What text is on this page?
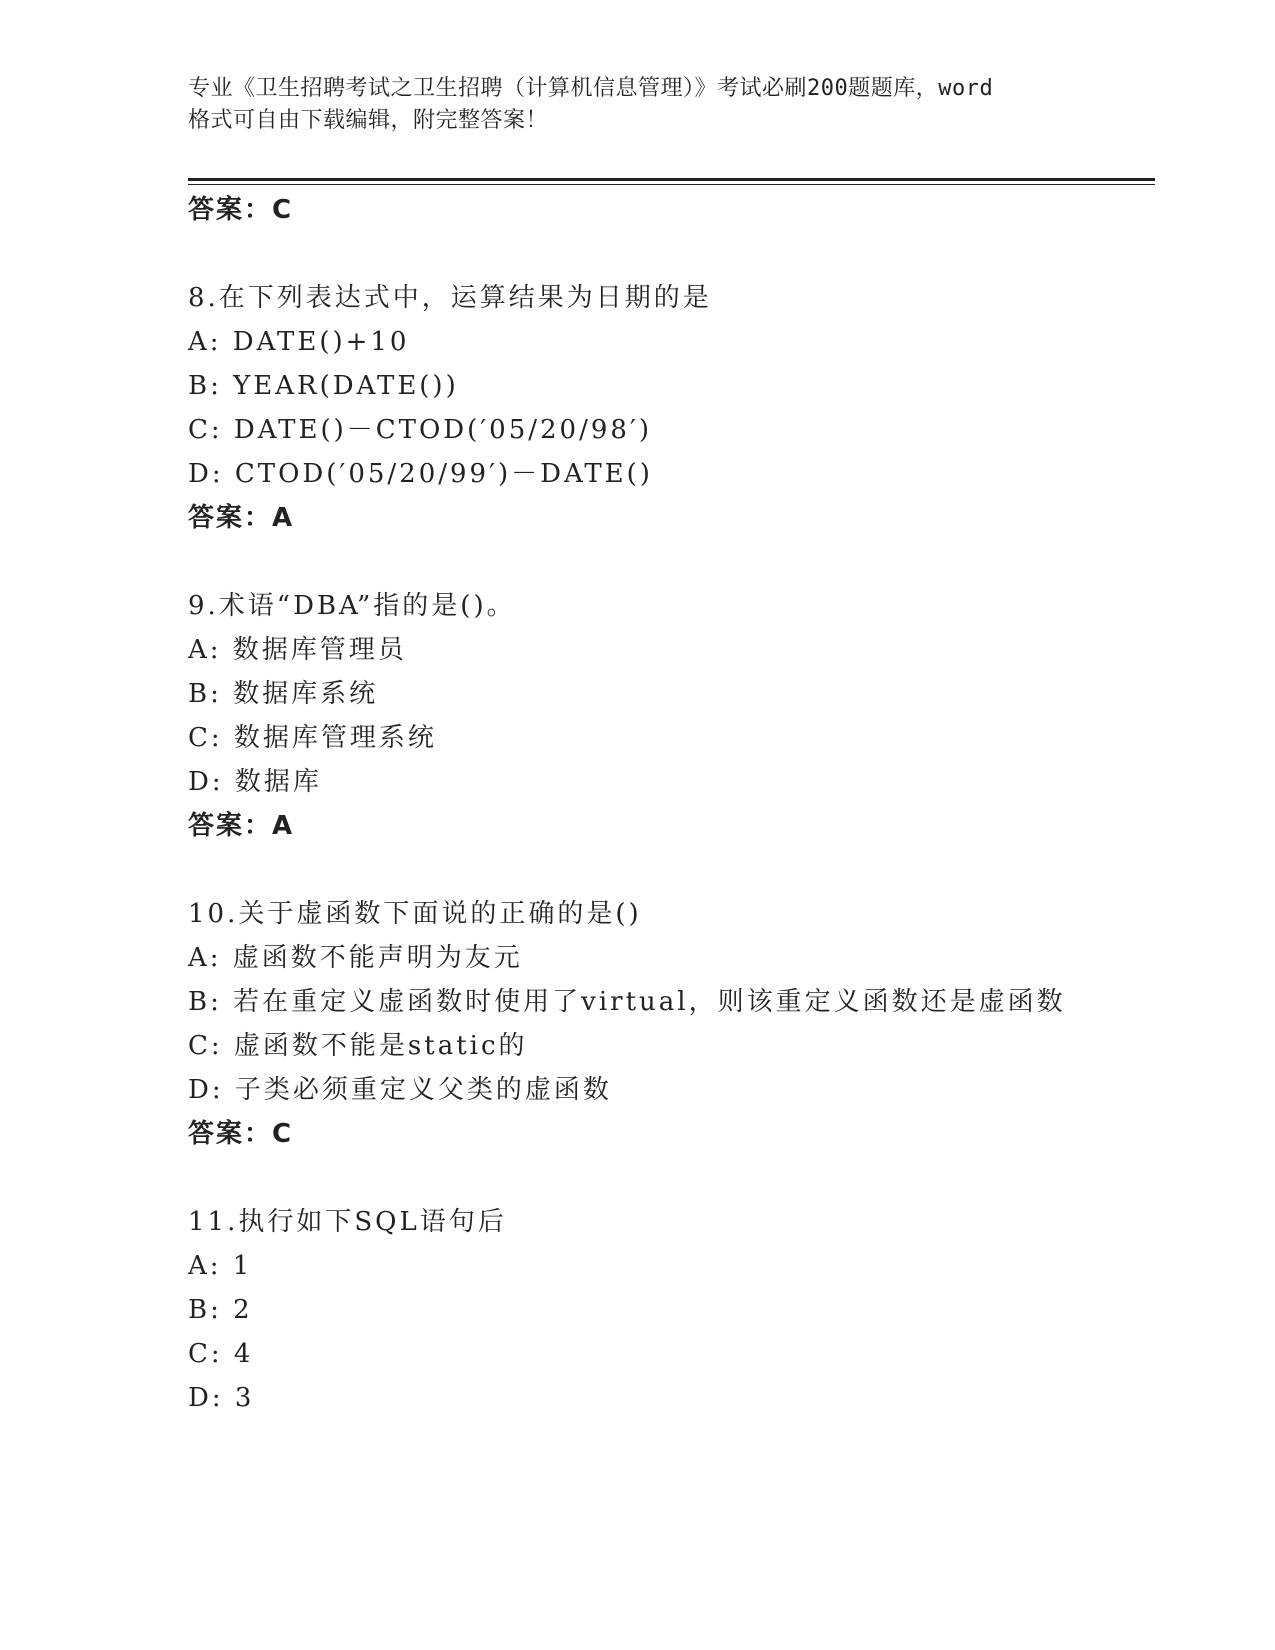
专业《卫生招聘考试之卫生招聘（计算机信息管理）》考试必刷200题题库，word
格式可自由下载编辑，附完整答案！
答案：C
8.在下列表达式中，运算结果为日期的是
A: DATE()+10
B: YEAR(DATE())
C: DATE()－CTOD(′05/20/98′)
D: CTOD(′05/20/99′)－DATE()
答案：A
9.术语“DBA”指的是()。
A: 数据库管理员
B: 数据库系统
C: 数据库管理系统
D: 数据库
答案：A
10.关于虚函数下面说的正确的是()
A: 虚函数不能声明为友元
B: 若在重定义虚函数时使用了virtual，则该重定义函数还是虚函数
C: 虚函数不能是static的
D: 子类必须重定义父类的虚函数
答案：C
11.执行如下SQL语句后
A: 1
B: 2
C: 4
D: 3
